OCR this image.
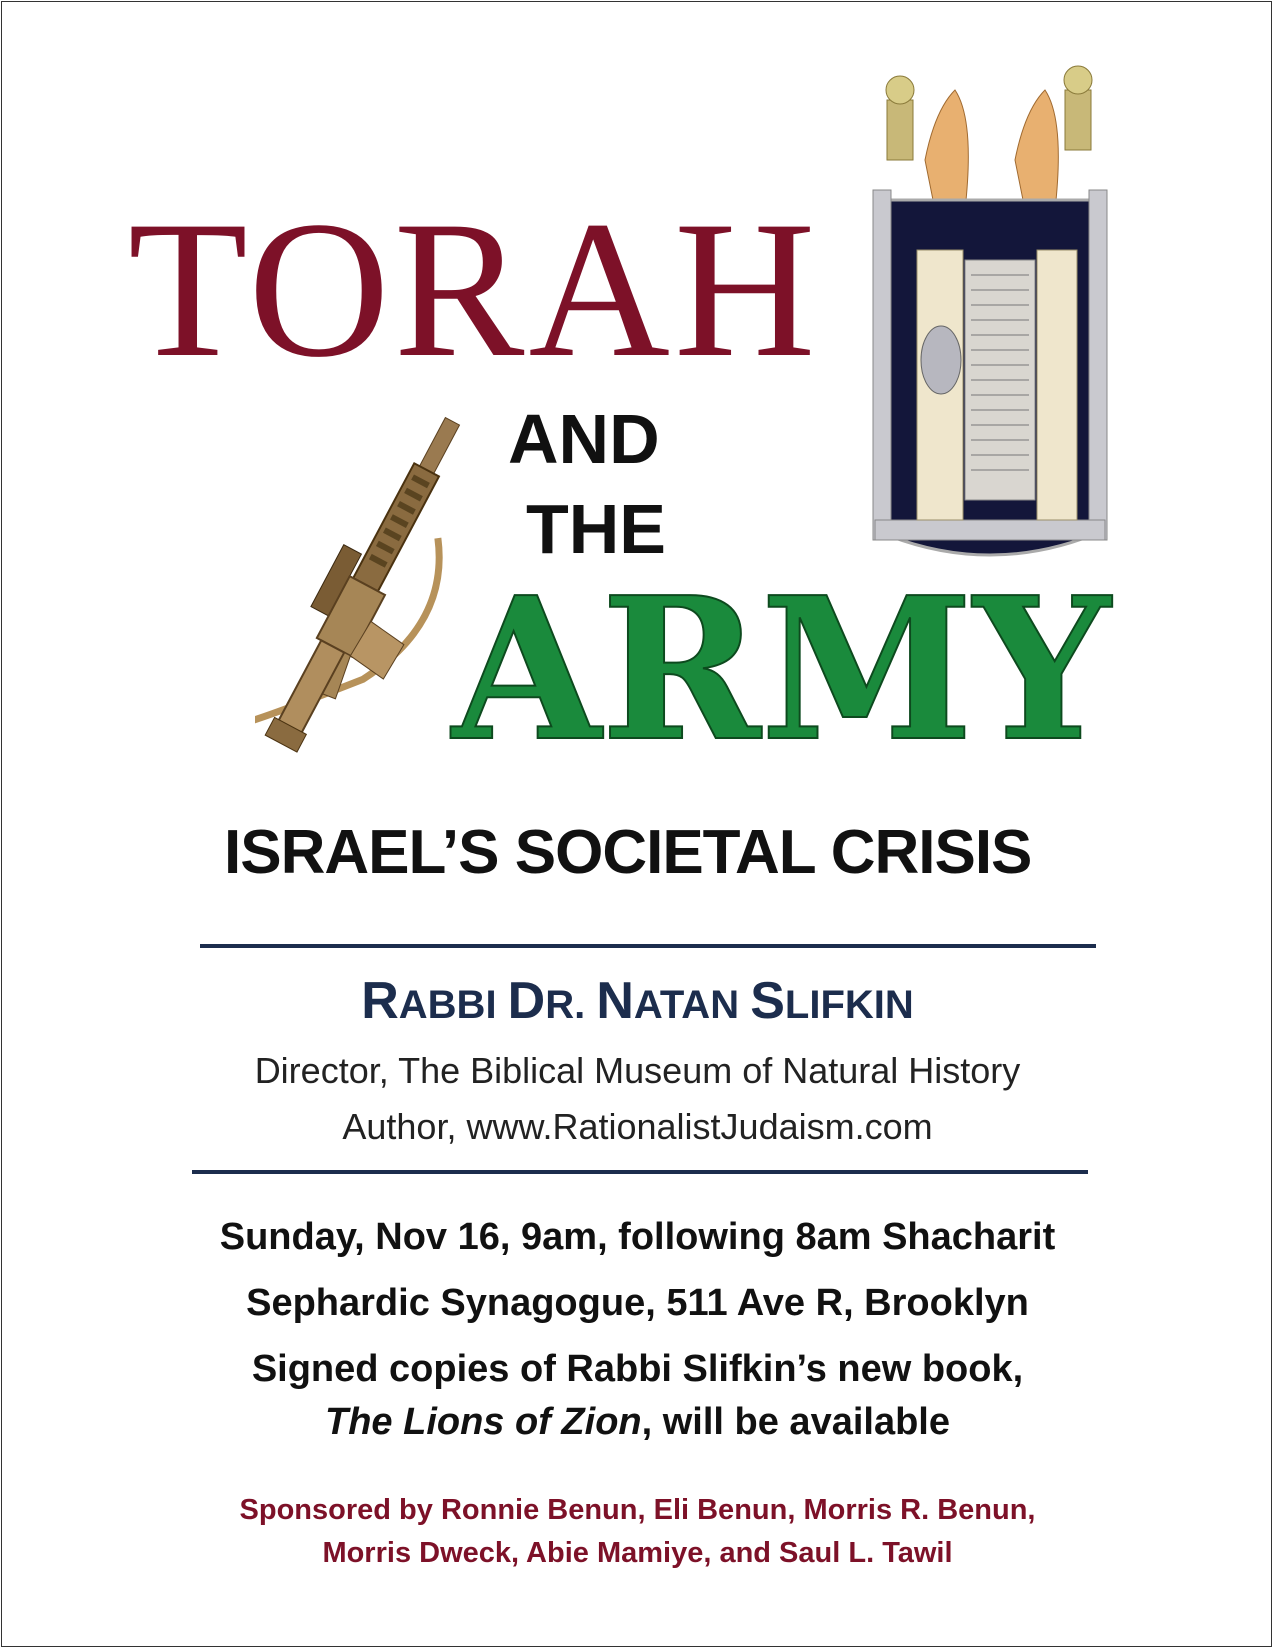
TORAH
AND
THE
ARMY
ISRAEL’S SOCIETAL CRISIS
RABBI DR. NATAN SLIFKIN
Director, The Biblical Museum of Natural History
Author, www.RationalistJudaism.com
Sunday, Nov 16, 9am, following 8am Shacharit
Sephardic Synagogue, 511 Ave R, Brooklyn
Signed copies of Rabbi Slifkin’s new book,
The Lions of Zion, will be available
Sponsored by Ronnie Benun, Eli Benun, Morris R. Benun,
Morris Dweck, Abie Mamiye, and Saul L. Tawil
